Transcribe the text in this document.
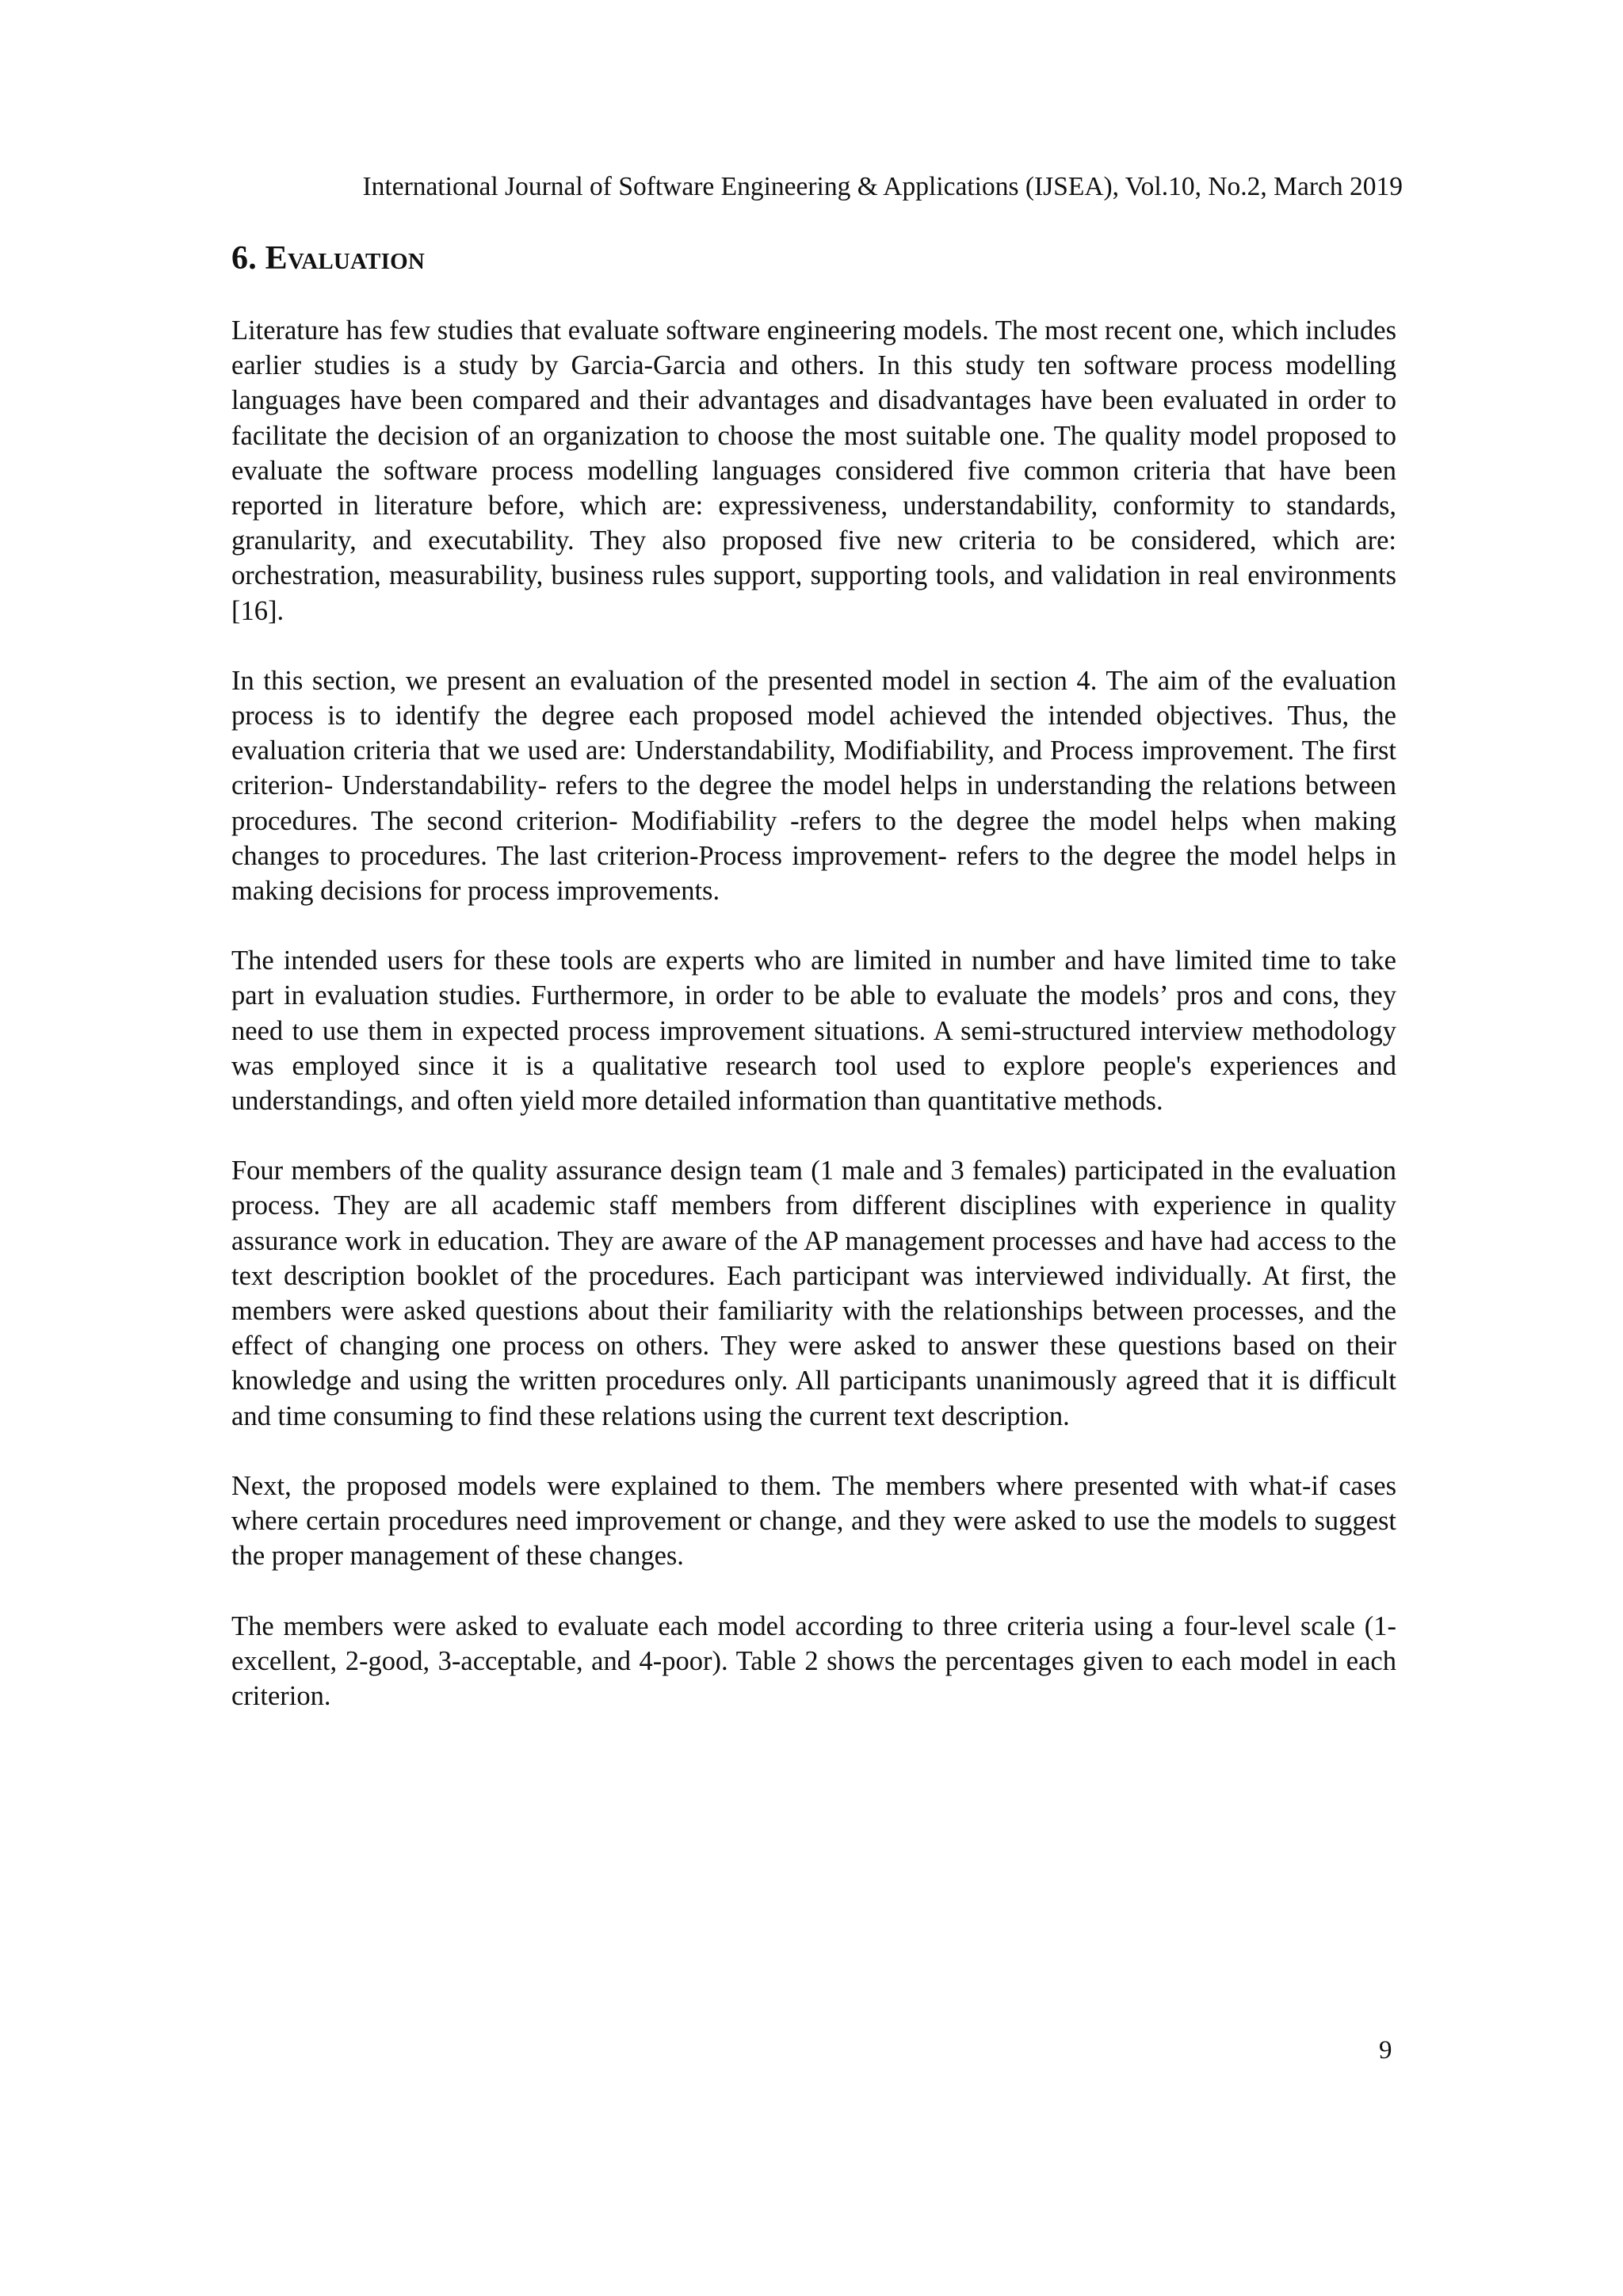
International Journal of Software Engineering & Applications (IJSEA), Vol.10, No.2, March 2019
6. Evaluation

Literature has few studies that evaluate software engineering models. The most recent one, which includes earlier studies is a study by Garcia-Garcia and others. In this study ten software process modelling languages have been compared and their advantages and disadvantages have been evaluated in order to facilitate the decision of an organization to choose the most suitable one. The quality model proposed to evaluate the software process modelling languages considered five common criteria that have been reported in literature before, which are: expressiveness, understandability, conformity to standards, granularity, and executability. They also proposed five new criteria to be considered, which are: orchestration, measurability, business rules support, supporting tools, and validation in real environments [16].

In this section, we present an evaluation of the presented model in section 4. The aim of the evaluation process is to identify the degree each proposed model achieved the intended objectives. Thus, the evaluation criteria that we used are: Understandability, Modifiability, and Process improvement. The first criterion- Understandability- refers to the degree the model helps in understanding the relations between procedures. The second criterion- Modifiability -refers to the degree the model helps when making changes to procedures. The last criterion-Process improvement- refers to the degree the model helps in making decisions for process improvements.

The intended users for these tools are experts who are limited in number and have limited time to take part in evaluation studies. Furthermore, in order to be able to evaluate the models’ pros and cons, they need to use them in expected process improvement situations. A semi-structured interview methodology was employed since it is a qualitative research tool used to explore people's experiences and understandings, and often yield more detailed information than quantitative methods.

Four members of the quality assurance design team (1 male and 3 females) participated in the evaluation process. They are all academic staff members from different disciplines with experience in quality assurance work in education. They are aware of the AP management processes and have had access to the text description booklet of the procedures. Each participant was interviewed individually. At first, the members were asked questions about their familiarity with the relationships between processes, and the effect of changing one process on others. They were asked to answer these questions based on their knowledge and using the written procedures only. All participants unanimously agreed that it is difficult and time consuming to find these relations using the current text description.

Next, the proposed models were explained to them. The members where presented with what-if cases where certain procedures need improvement or change, and they were asked to use the models to suggest the proper management of these changes.

The members were asked to evaluate each model according to three criteria using a four-level scale (1-excellent, 2-good, 3-acceptable, and 4-poor). Table 2 shows the percentages given to each model in each criterion.

9
